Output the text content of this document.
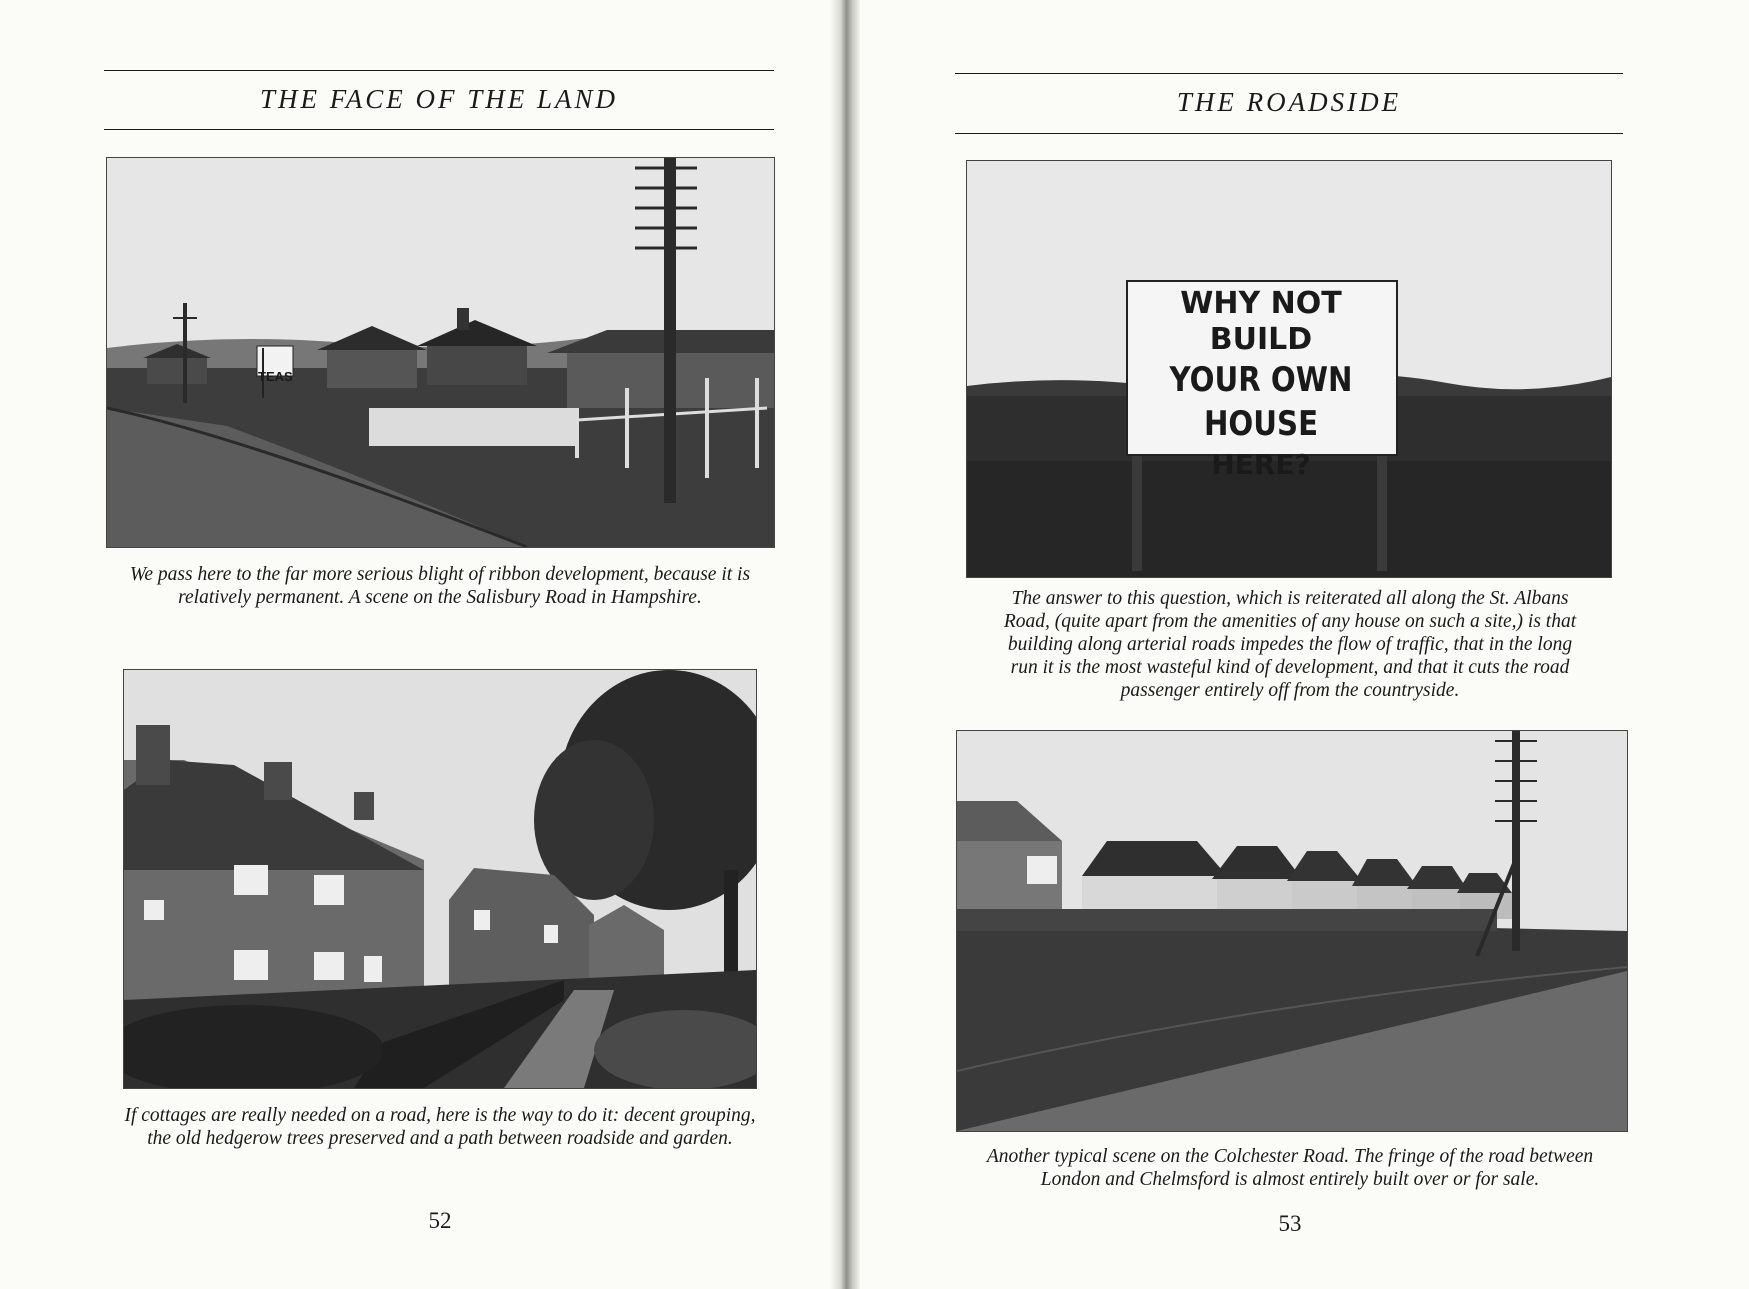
THE FACE OF THE LAND
TEAS
We pass here to the far more serious blight of ribbon development, because it is
relatively permanent. A scene on the Salisbury Road in Hampshire.
If cottages are really needed on a road, here is the way to do it: decent grouping,
the old hedgerow trees preserved and a path between roadside and garden.
52
THE ROADSIDE
WHY NOT BUILD
YOUR OWN HOUSE
HERE?
The answer to this question, which is reiterated all along the St. Albans
Road, (quite apart from the amenities of any house on such a site,) is that
building along arterial roads impedes the flow of traffic, that in the long
run it is the most wasteful kind of development, and that it cuts the road
passenger entirely off from the countryside.
Another typical scene on the Colchester Road. The fringe of the road between
London and Chelmsford is almost entirely built over or for sale.
53
